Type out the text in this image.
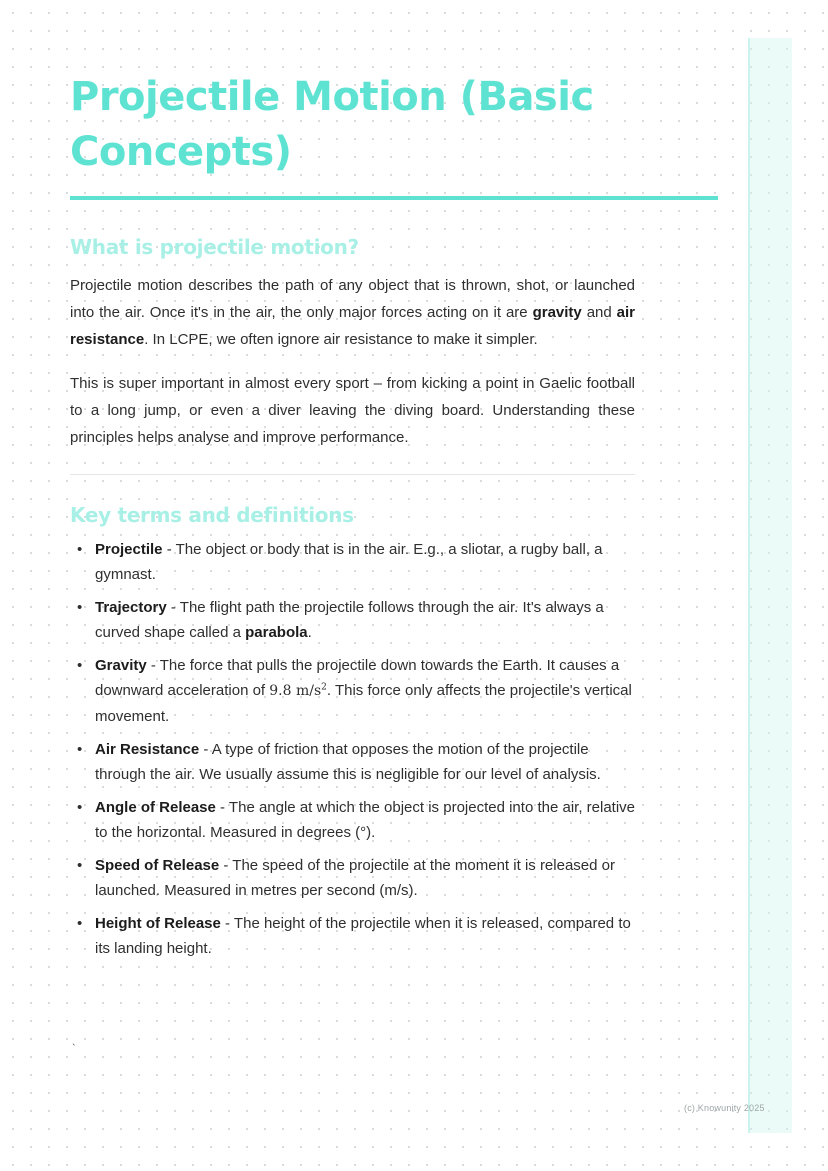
Projectile Motion (Basic Concepts)
What is projectile motion?

Projectile motion describes the path of any object that is thrown, shot, or launched into the air. Once it's in the air, the only major forces acting on it are gravity and air resistance. In LCPE, we often ignore air resistance to make it simpler.

This is super important in almost every sport – from kicking a point in Gaelic football to a long jump, or even a diver leaving the diving board. Understanding these principles helps analyse and improve performance.

Key terms and definitions
• Projectile - The object or body that is in the air. E.g., a sliotar, a rugby ball, a gymnast.
• Trajectory - The flight path the projectile follows through the air. It's always a curved shape called a parabola.
• Gravity - The force that pulls the projectile down towards the Earth. It causes a downward acceleration of 9.8 $m/s^2$. This force only affects the projectile's vertical movement.
• Air Resistance - A type of friction that opposes the motion of the projectile through the air. We usually assume this is negligible for our level of analysis.
• Angle of Release - The angle at which the object is projected into the air, relative to the horizontal. Measured in degrees (°).
• Speed of Release - The speed of the projectile at the moment it is released or launched. Measured in metres per second (m/s).
• Height of Release - The height of the projectile when it is released, compared to its landing height.
`
(c) Knowunity 2025
